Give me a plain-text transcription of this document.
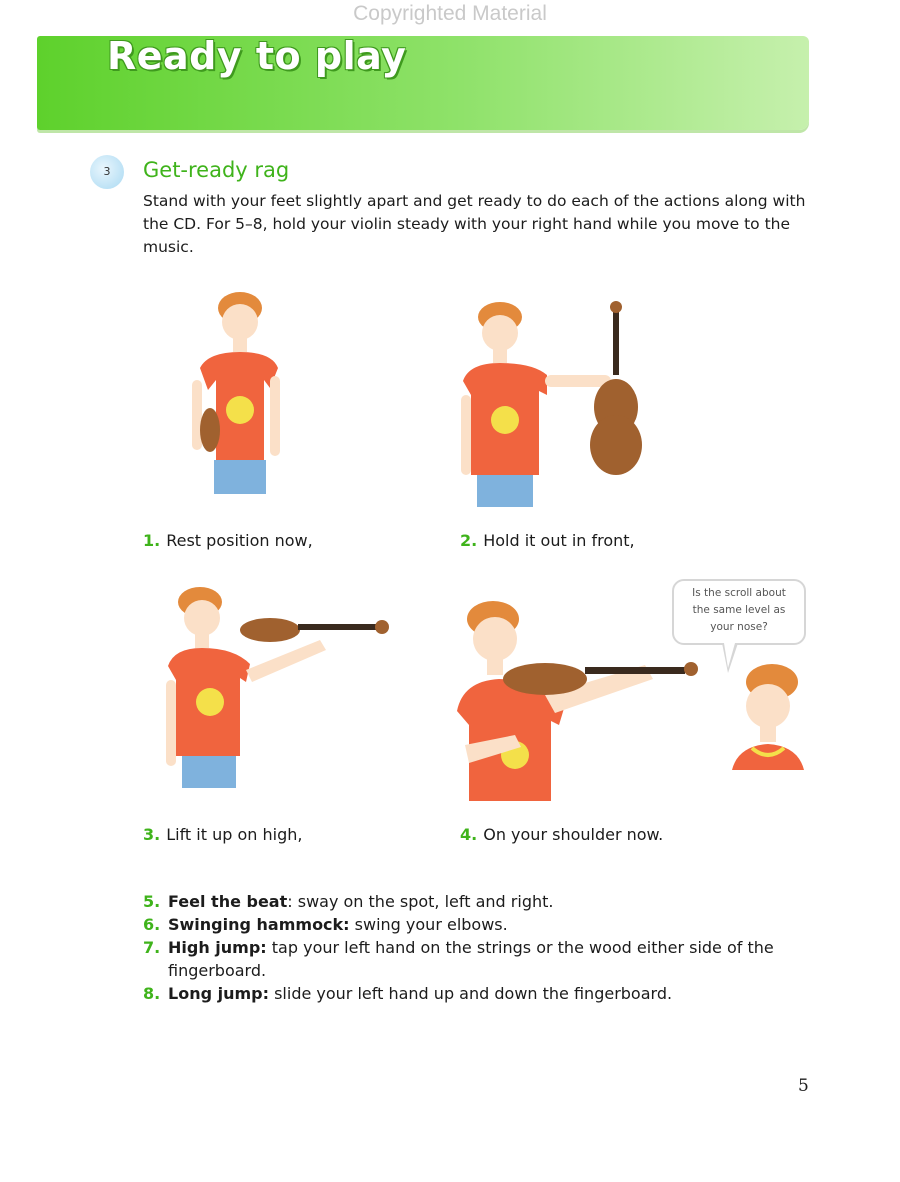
Copyrighted Material
Ready to play
3	Get-ready rag

Stand with your feet slightly apart and get ready to do each of the actions along with the CD. For 5–8, hold your violin steady with your right hand while you move to the music.

1. Rest position now,	2. Hold it out in front,
Is the scroll about
the same level as
your nose?
3. Lift it up on high,	4. On your shoulder now.
5. Feel the beat: sway on the spot, left and right.
6. Swinging hammock: swing your elbows.
7. High jump: tap your left hand on the strings or the wood either side of the fingerboard.
8. Long jump: slide your left hand up and down the fingerboard.
5
